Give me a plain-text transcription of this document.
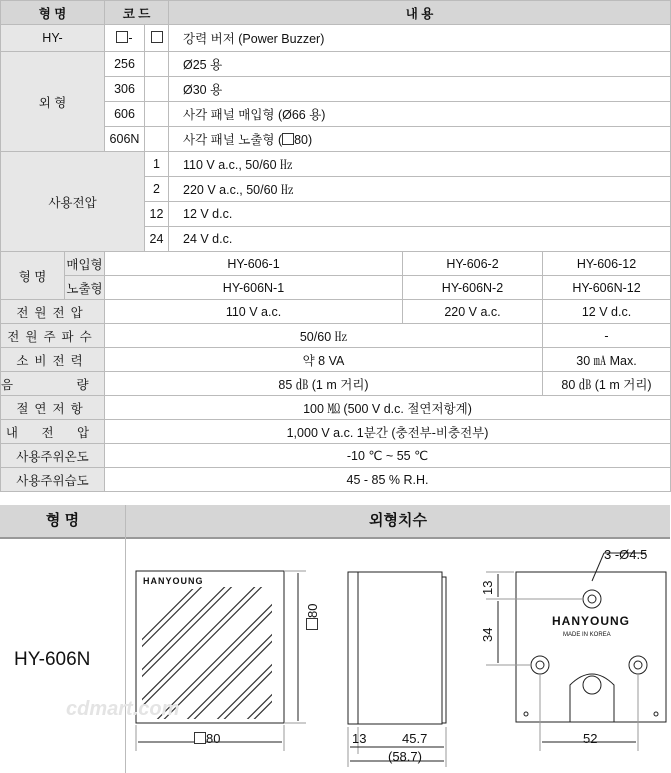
형 명		코 드		내 용			
HY-		-		강력 버저 (Power Buzzer)			
외 형		256		Ø25 용			
		306		Ø30 용			
		606		사각 패널 매입형 (Ø66 용)			
		606N		사각 패널 노출형 ( 80)			
사용전압			1	110 V a.c., 50/60 ㎐			
			2	220 V a.c., 50/60 ㎐			
			12	12 V d.c.			
			24	24 V d.c.			
형 명	매입형	HY-606-1			HY-606-2	HY-606-12	
	노출형	HY-606N-1			HY-606N-2	HY-606N-12	
전원전압		110 V a.c.			220 V a.c.	12 V d.c.	
전원주파수		50/60 ㎐				-	
소비전력		약 8 VA				30 ㎃ Max.	
음 량		85 ㏈ (1 m 거리)				80 ㏈ (1 m 거리)	
절연저항		100 ㏁ (500 V d.c. 절연저항계)					
내 전 압		1,000 V a.c. 1분간 (충전부-비충전부)					
사용주위온도		-10 ℃ ~ 55 ℃					
사용주위습도		45 - 85 % R.H.					
형 명	외형치수
HY-606N
HANYOUNG
80
80	13	45.7
(58.7)
3 -Ø4.5
13
34
HANYOUNG
MADE IN KOREA
52
cdmart.com
